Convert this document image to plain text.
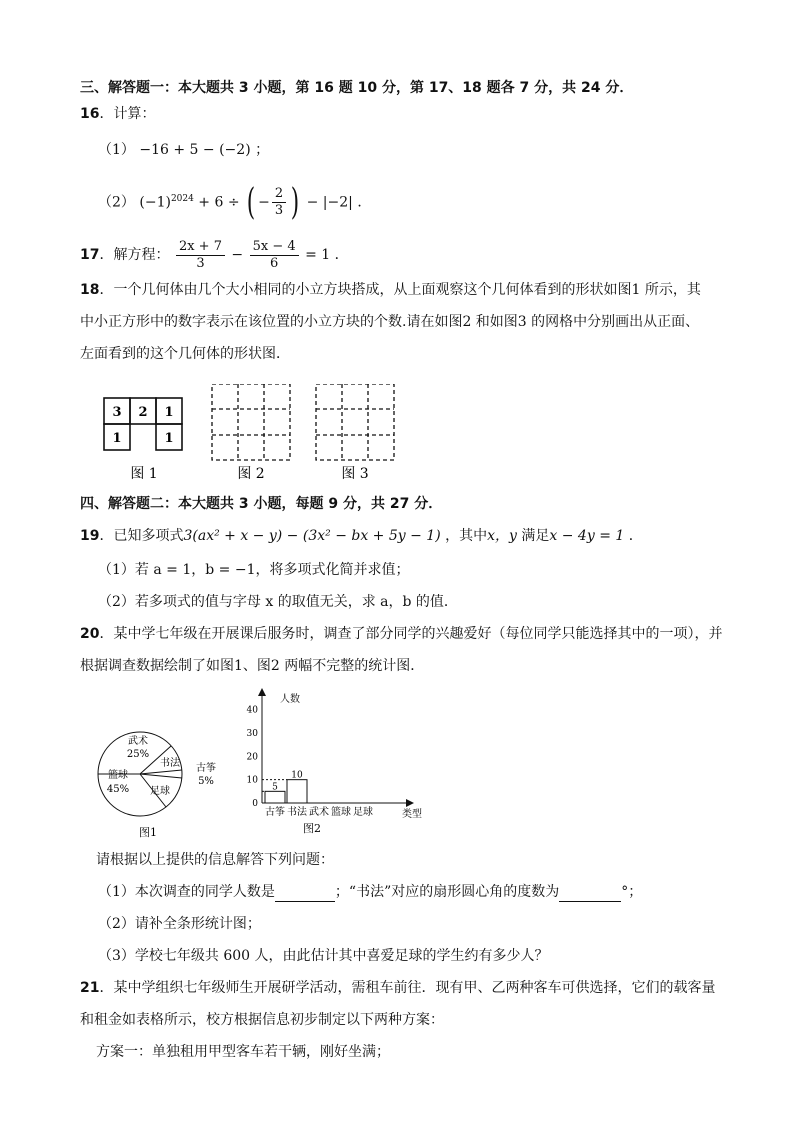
三、解答题一：本大题共 3 小题，第 16 题 10 分，第 17、18 题各 7 分，共 24 分．
16．计算：
（1） −16 + 5 − (−2) ；
（2） $(-1)^{2024} + 6$ ÷ ( − $\frac{2}{3}$ ) − |−2| ．
17．解方程： $\frac{2x + 7}{3} - \frac{5x - 4}{6} = 1$ ．
18．一个几何体由几个大小相同的小立方块搭成，从上面观察这个几何体看到的形状如图1 所示，其
中小正方形中的数字表示在该位置的小立方块的个数.请在如图2 和如图3 的网格中分别画出从正面、
左面看到的这个几何体的形状图．
3 2 1
1	1
图 1	图 2	图 3
四、解答题二：本大题共 3 小题，每题 9 分，共 27 分．
19．已知多项式3(ax² + x − y) − (3x² − bx + 5y − 1) ，其中x，y 满足x − 4y = 1 ．
（1）若 a = 1，b = −1，将多项式化简并求值；
（2）若多项式的值与字母 x 的取值无关，求 a，b 的值．
20．某中学七年级在开展课后服务时，调查了部分同学的兴趣爱好（每位同学只能选择其中的一项），并
根据调查数据绘制了如图1、图2 两幅不完整的统计图．
武术
25%
书法 古筝
5%
篮球
45% 足球
图1
人数
类型
0
10
20
30
40
古筝
5
书法
10
武术 篮球 足球
图2
请根据以上提供的信息解答下列问题：
（1）本次调查的同学人数是	；“书法”对应的扇形圆心角的度数为	°；
（2）请补全条形统计图；
（3）学校七年级共 600 人，由此估计其中喜爱足球的学生约有多少人？
21．某中学组织七年级师生开展研学活动，需租车前往．现有甲、乙两种客车可供选择，它们的载客量
和租金如表格所示，校方根据信息初步制定以下两种方案：
方案一：单独租用甲型客车若干辆，刚好坐满；
